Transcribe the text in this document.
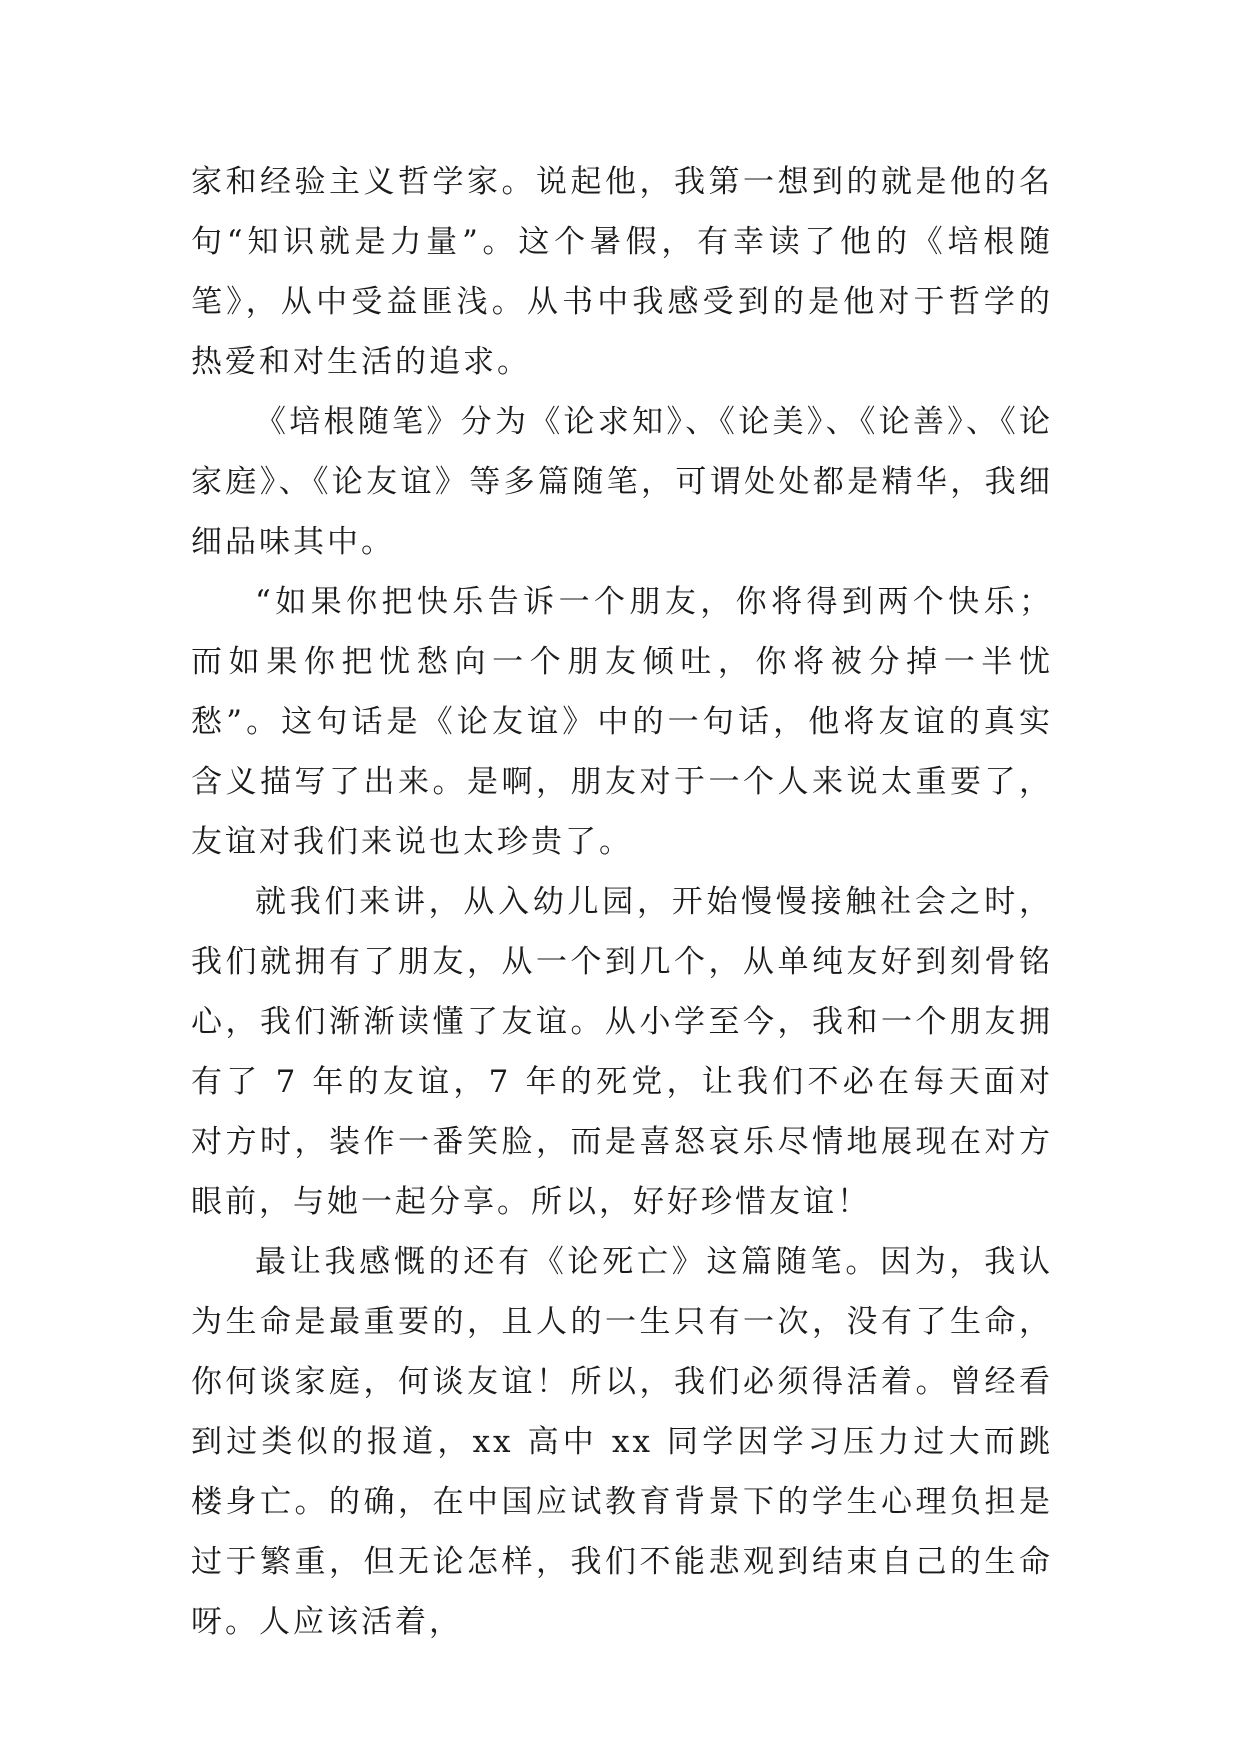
家和经验主义哲学家。说起他，我第一想到的就是他的名句“知识就是力量”。这个暑假，有幸读了他的《培根随笔》，从中受益匪浅。从书中我感受到的是他对于哲学的热爱和对生活的追求。

《培根随笔》分为《论求知》、《论美》、《论善》、《论家庭》、《论友谊》等多篇随笔，可谓处处都是精华，我细细品味其中。

“如果你把快乐告诉一个朋友，你将得到两个快乐；而如果你把忧愁向一个朋友倾吐，你将被分掉一半忧愁”。这句话是《论友谊》中的一句话，他将友谊的真实含义描写了出来。是啊，朋友对于一个人来说太重要了，友谊对我们来说也太珍贵了。

就我们来讲，从入幼儿园，开始慢慢接触社会之时，我们就拥有了朋友，从一个到几个，从单纯友好到刻骨铭心，我们渐渐读懂了友谊。从小学至今，我和一个朋友拥有了 7 年的友谊，7 年的死党，让我们不必在每天面对对方时，装作一番笑脸，而是喜怒哀乐尽情地展现在对方眼前，与她一起分享。所以，好好珍惜友谊！

最让我感慨的还有《论死亡》这篇随笔。因为，我认为生命是最重要的，且人的一生只有一次，没有了生命，你何谈家庭，何谈友谊！所以，我们必须得活着。曾经看到过类似的报道，xx 高中 xx 同学因学习压力过大而跳楼身亡。的确，在中国应试教育背景下的学生心理负担是过于繁重，但无论怎样，我们不能悲观到结束自己的生命呀。人应该活着，
